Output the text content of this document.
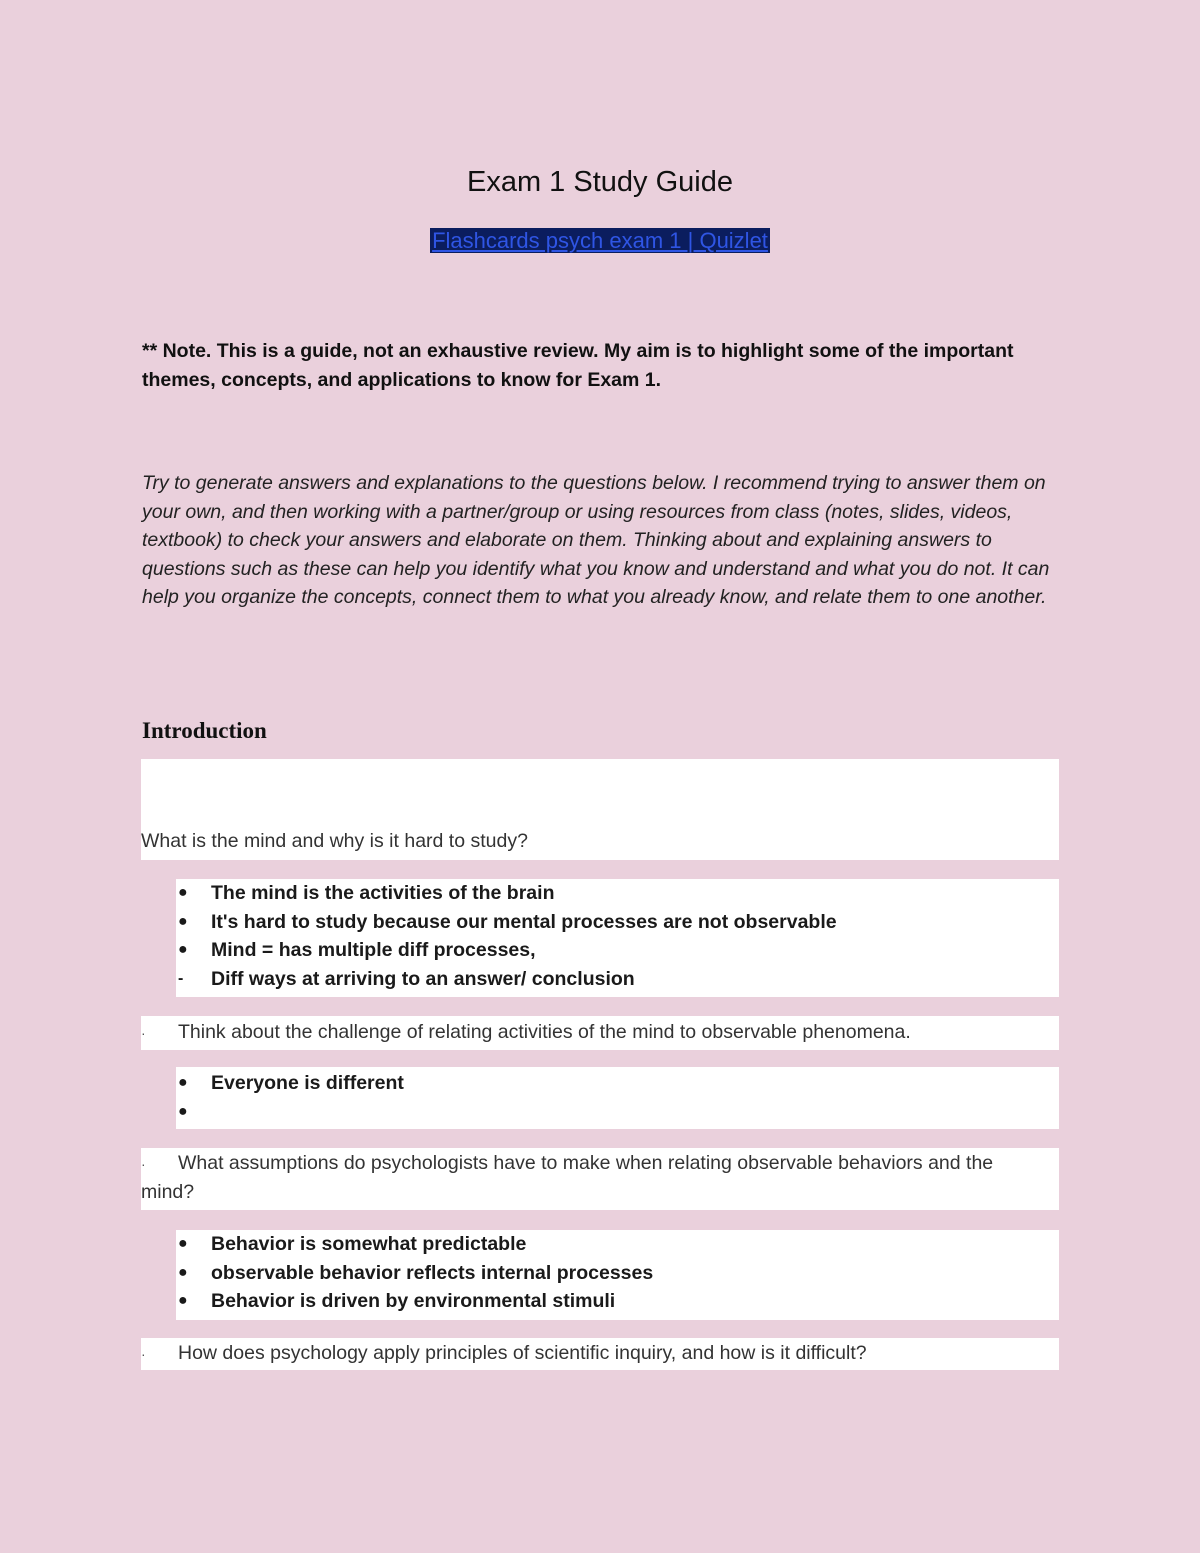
Exam 1 Study Guide
Flashcards psych exam 1 | Quizlet

** Note. This is a guide, not an exhaustive review. My aim is to highlight some of the important themes, concepts, and applications to know for Exam 1.

Try to generate answers and explanations to the questions below. I recommend trying to answer them on your own, and then working with a partner/group or using resources from class (notes, slides, videos, textbook) to check your answers and elaborate on them. Thinking about and explaining answers to questions such as these can help you identify what you know and understand and what you do not. It can help you organize the concepts, connect them to what you already know, and relate them to one another.

Introduction

What is the mind and why is it hard to study?

● The mind is the activities of the brain
● It's hard to study because our mental processes are not observable
● Mind = has multiple diff processes,
- Diff ways at arriving to an answer/ conclusion

· Think about the challenge of relating activities of the mind to observable phenomena.

● Everyone is different
●

· What assumptions do psychologists have to make when relating observable behaviors and the mind?

● Behavior is somewhat predictable
● observable behavior reflects internal processes
● Behavior is driven by environmental stimuli

· How does psychology apply principles of scientific inquiry, and how is it difficult?
